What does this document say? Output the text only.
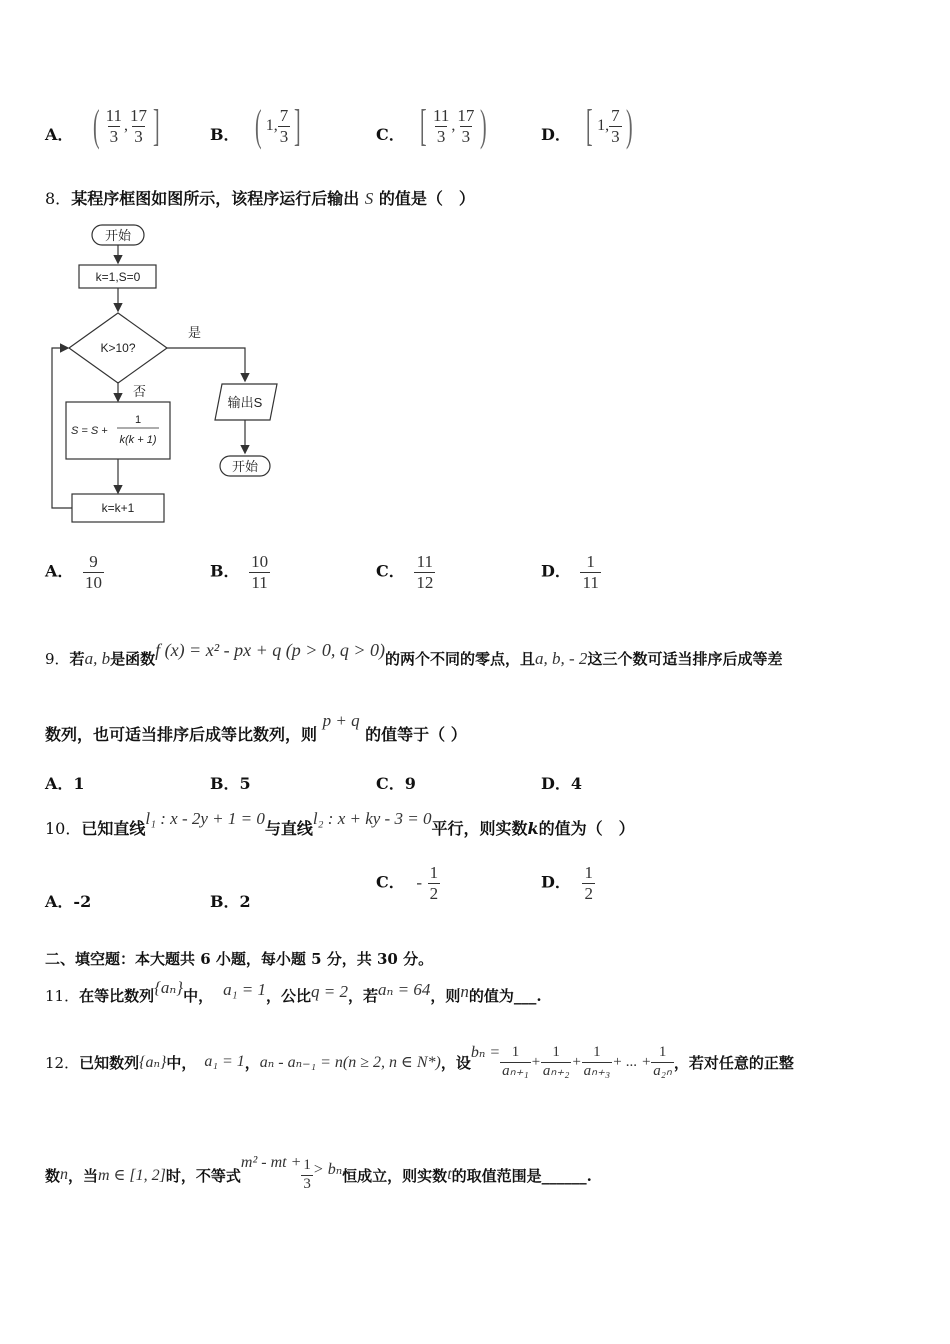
A． ( $\frac{11}{3}$ , $\frac{17}{3}$ ]	B． ( 1 , $\frac{7}{3}$ ]	C． [ $\frac{11}{3}$ , $\frac{17}{3}$ )	D． [ 1 , $\frac{7}{3}$ )
8．某程序框图如图所示，该程序运行后输出 S 的值是（　）
开始
k=1,S=0
K>10?
是
否
S = S +
1
k(k + 1)
k=k+1
输出S
开始
A． $\frac{9}{10}$	B． $\frac{10}{11}$	C． $\frac{11}{12}$	D． $\frac{1}{11}$
9．若a, b是函数f (x) = x² - px + q (p > 0, q > 0)的两个不同的零点，且a, b, - 2这三个数可适当排序后成等差
数列，也可适当排序后成等比数列，则 p + q 的值等于（ ）
A．1	B．5	C．9	D．4
10．已知直线l₁ : x - 2y + 1 = 0与直线l₂ : x + ky - 3 = 0平行，则实数k的值为（　）
A．-2	B．2
C． - $\frac{1}{2}$	D． $\frac{1}{2}$
二、填空题：本大题共 6 小题，每小题 5 分，共 30 分。
11．在等比数列{aₙ}中， a₁ = 1，公比q = 2，若aₙ = 64，则n的值为___.
12． 已知数列 {aₙ} 中， a₁ = 1 ， aₙ - aₙ₋₁ = n(n ≥ 2, n ∈ N*) ，设
$b_n = \frac{1}{\text{aₙ₊₁}} + \frac{1}{\text{aₙ₊₂}} + \frac{1}{\text{aₙ₊₃}}$ + ... + $\frac{1}{\text{a₂ₙ}}$ ，若对任意的正整
数 n ，当 m ∈ [1, 2] 时，不等式
m² - mt + $\frac{1}{3} > b_n$ 恒成立，则实数 t 的取值范围是______.
